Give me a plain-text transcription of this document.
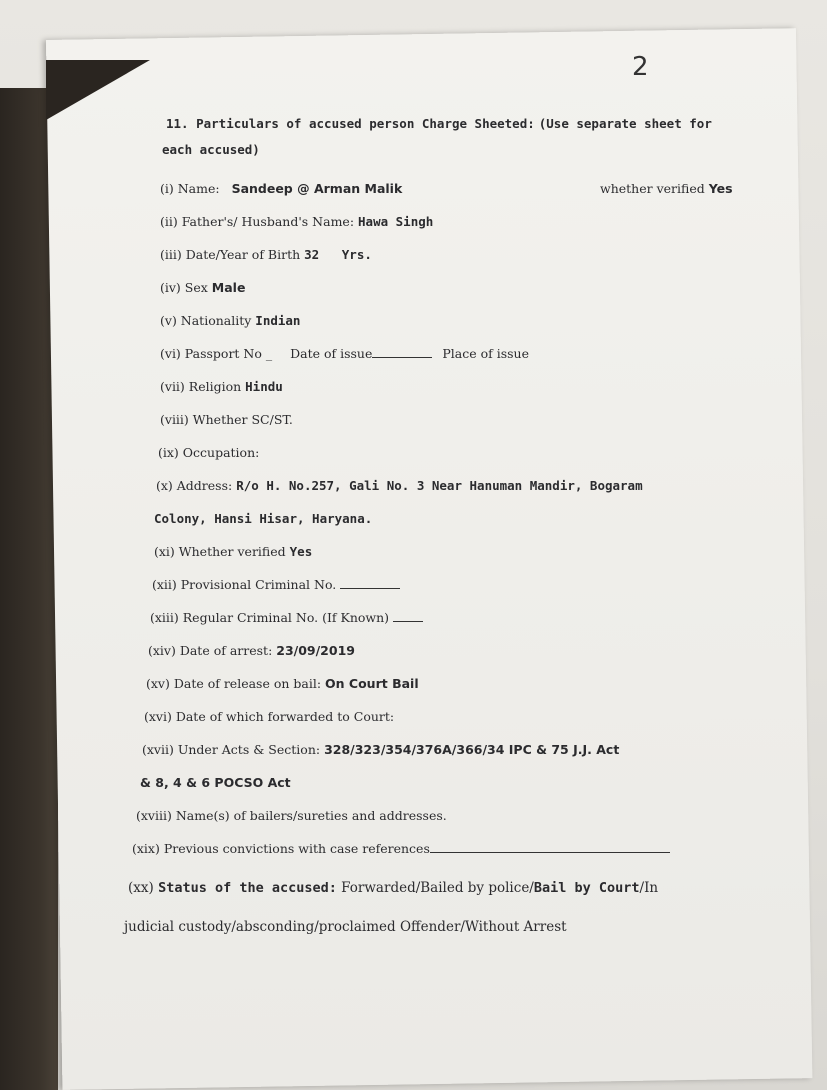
2
11. Particulars of accused person Charge Sheeted: (Use separate sheet for
each accused)
(i) Name: Sandeep @ Arman Malik	whether verified Yes
(ii) Father's/ Husband's Name: Hawa Singh
(iii) Date/Year of Birth 32   Yrs.
(iv) Sex Male
(v) Nationality Indian
(vi) Passport No _ Date of issue	Place of issue
(vii) Religion Hindu
(viii) Whether SC/ST.
(ix) Occupation:
(x) Address: R/o H. No.257, Gali No. 3 Near Hanuman Mandir, Bogaram
Colony, Hansi Hisar, Haryana.
(xi) Whether verified Yes
(xii) Provisional Criminal No.
(xiii) Regular Criminal No. (If Known)
(xiv) Date of arrest: 23/09/2019
(xv) Date of release on bail: On Court Bail
(xvi) Date of which forwarded to Court:
(xvii) Under Acts & Section: 328/323/354/376A/366/34 IPC & 75 J.J. Act
& 8, 4 & 6 POCSO Act
(xviii) Name(s) of bailers/sureties and addresses.
(xix) Previous convictions with case references
(xx) Status of the accused: Forwarded/Bailed by police/Bail by Court/In
judicial custody/absconding/proclaimed Offender/Without Arrest
